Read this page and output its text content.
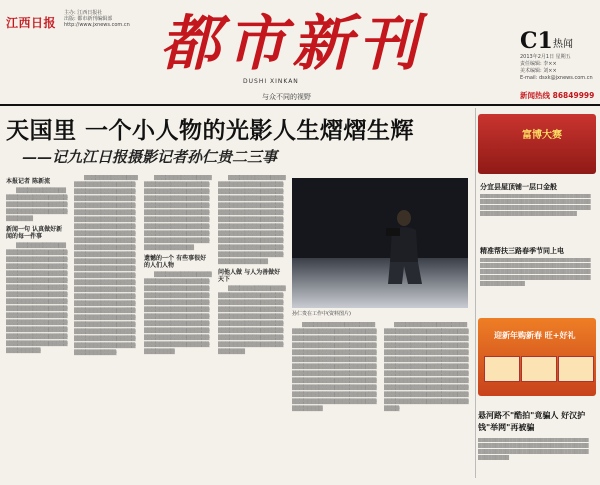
江西日报
主办: 江西日报社
出版: 都市新刊编辑部
http://www.jxnews.com.cn 都市新刊
DUSHI XINKAN
与众不同的视野
C1 热闻
2013年2月1日 星期五
责任编辑: 李××
美术编辑: 刘××
E-mail: dsxk@jxnews.com.cn
新闻热线 86849999
天国里 一个小人物的光影人生熠熠生辉
——记九江日报摄影记者孙仁贵二三事
本报记者 陈新流

▒▒▒▒▒▒▒▒▒▒▒▒▒▒▒▒▒▒▒▒▒▒▒▒▒▒▒▒▒▒▒▒▒▒▒▒▒▒▒▒▒▒▒▒▒▒▒▒▒▒▒▒▒▒▒▒▒▒▒▒▒▒▒▒▒▒▒▒

新闻一句 认真做好新闻的每一件事

▒▒▒▒▒▒▒▒▒▒▒▒▒▒▒▒▒▒▒▒▒▒▒▒▒▒▒▒▒▒▒▒▒▒▒▒▒▒▒▒▒▒▒▒▒▒▒▒▒▒▒▒▒▒▒▒▒▒▒▒▒▒▒▒▒▒▒▒▒▒▒▒▒▒▒▒▒▒▒▒▒▒▒▒▒▒▒▒▒▒▒▒▒▒▒▒▒▒▒▒▒▒▒▒▒▒▒▒▒▒▒▒▒▒▒▒▒▒▒▒▒▒▒▒▒▒▒▒▒▒▒▒▒▒▒▒▒▒▒▒▒▒▒▒▒▒▒▒▒▒▒▒▒▒▒▒▒▒▒▒▒▒▒▒▒▒▒▒▒▒▒▒▒▒▒▒▒▒▒▒▒▒▒▒▒▒▒▒▒▒▒▒▒▒▒▒▒▒▒▒▒▒▒▒▒▒▒▒▒▒▒▒▒▒▒▒▒▒▒▒▒▒▒▒▒▒▒▒▒▒▒▒▒▒▒▒▒▒▒▒▒▒▒▒▒▒

▒▒▒▒▒▒▒▒▒▒▒▒▒▒▒▒▒▒▒▒▒▒▒▒▒▒▒▒▒▒▒▒▒▒▒▒▒▒▒▒▒▒▒▒▒▒▒▒▒▒▒▒▒▒▒▒▒▒▒▒▒▒▒▒▒▒▒▒▒▒▒▒▒▒▒▒▒▒▒▒▒▒▒▒▒▒▒▒▒▒▒▒▒▒▒▒▒▒▒▒▒▒▒▒▒▒▒▒▒▒▒▒▒▒▒▒▒▒▒▒▒▒▒▒▒▒▒▒▒▒▒▒▒▒▒▒▒▒▒▒▒▒▒▒▒▒▒▒▒▒▒▒▒▒▒▒▒▒▒▒▒▒▒▒▒▒▒▒▒▒▒▒▒▒▒▒▒▒▒▒▒▒▒▒▒▒▒▒▒▒▒▒▒▒▒▒▒▒▒▒▒▒▒▒▒▒▒▒▒▒▒▒▒▒▒▒▒▒▒▒▒▒▒▒▒▒▒▒▒▒▒▒▒▒▒▒▒▒▒▒▒▒▒▒▒▒▒▒▒▒▒▒▒▒▒▒▒▒▒▒▒▒▒▒▒▒▒▒▒▒▒▒▒▒▒▒▒▒▒▒▒▒▒▒▒▒▒▒▒▒▒▒▒▒▒▒▒▒▒▒▒▒▒▒▒▒▒▒▒▒▒▒▒▒▒▒▒▒▒▒▒▒▒▒▒▒▒▒▒▒▒▒▒▒▒▒▒▒▒▒▒▒▒▒▒▒▒▒▒▒▒▒▒▒▒▒▒▒▒▒▒▒▒▒▒▒▒▒▒▒▒▒▒▒▒▒▒▒▒▒▒▒▒▒▒▒▒▒▒▒▒▒▒▒▒▒▒▒▒▒▒▒▒▒▒▒▒▒▒

▒▒▒▒▒▒▒▒▒▒▒▒▒▒▒▒▒▒▒▒▒▒▒▒▒▒▒▒▒▒▒▒▒▒▒▒▒▒▒▒▒▒▒▒▒▒▒▒▒▒▒▒▒▒▒▒▒▒▒▒▒▒▒▒▒▒▒▒▒▒▒▒▒▒▒▒▒▒▒▒▒▒▒▒▒▒▒▒▒▒▒▒▒▒▒▒▒▒▒▒▒▒▒▒▒▒▒▒▒▒▒▒▒▒▒▒▒▒▒▒▒▒▒▒▒▒▒▒▒▒▒▒▒▒▒▒▒▒▒▒▒▒▒▒▒▒▒▒▒▒▒▒▒▒▒▒▒▒▒▒▒▒▒▒▒▒▒▒▒▒▒▒▒▒▒▒▒▒▒▒▒

遗憾的一个 有些事很好的人们人物

▒▒▒▒▒▒▒▒▒▒▒▒▒▒▒▒▒▒▒▒▒▒▒▒▒▒▒▒▒▒▒▒▒▒▒▒▒▒▒▒▒▒▒▒▒▒▒▒▒▒▒▒▒▒▒▒▒▒▒▒▒▒▒▒▒▒▒▒▒▒▒▒▒▒▒▒▒▒▒▒▒▒▒▒▒▒▒▒▒▒▒▒▒▒▒▒▒▒▒▒▒▒▒▒▒▒▒▒▒▒▒▒▒▒▒▒▒▒▒▒▒▒▒▒▒▒▒▒▒▒▒▒▒▒▒▒▒▒▒▒▒▒▒▒▒▒▒▒▒▒▒▒▒▒▒▒▒▒▒▒▒▒▒▒▒▒▒▒▒▒▒▒▒▒▒▒▒▒▒▒▒▒▒▒▒▒▒▒▒▒▒▒▒

▒▒▒▒▒▒▒▒▒▒▒▒▒▒▒▒▒▒▒▒▒▒▒▒▒▒▒▒▒▒▒▒▒▒▒▒▒▒▒▒▒▒▒▒▒▒▒▒▒▒▒▒▒▒▒▒▒▒▒▒▒▒▒▒▒▒▒▒▒▒▒▒▒▒▒▒▒▒▒▒▒▒▒▒▒▒▒▒▒▒▒▒▒▒▒▒▒▒▒▒▒▒▒▒▒▒▒▒▒▒▒▒▒▒▒▒▒▒▒▒▒▒▒▒▒▒▒▒▒▒▒▒▒▒▒▒▒▒▒▒▒▒▒▒▒▒▒▒▒▒▒▒▒▒▒▒▒▒▒▒▒▒▒▒▒▒▒▒▒▒▒▒▒▒▒▒▒▒▒▒▒▒▒▒▒▒▒▒▒▒▒▒▒▒▒▒▒▒▒▒▒▒▒▒▒▒▒▒▒▒▒▒▒▒▒

问他人做 与人为善做好天下

▒▒▒▒▒▒▒▒▒▒▒▒▒▒▒▒▒▒▒▒▒▒▒▒▒▒▒▒▒▒▒▒▒▒▒▒▒▒▒▒▒▒▒▒▒▒▒▒▒▒▒▒▒▒▒▒▒▒▒▒▒▒▒▒▒▒▒▒▒▒▒▒▒▒▒▒▒▒▒▒▒▒▒▒▒▒▒▒▒▒▒▒▒▒▒▒▒▒▒▒▒▒▒▒▒▒▒▒▒▒▒▒▒▒▒▒▒▒▒▒▒▒▒▒▒▒▒▒▒▒▒▒▒▒▒▒▒▒▒▒▒▒▒▒▒▒▒▒▒▒▒▒▒▒▒▒▒▒

孙仁贵在工作中(资料图片)

▒▒▒▒▒▒▒▒▒▒▒▒▒▒▒▒▒▒▒▒▒▒▒▒▒▒▒▒▒▒▒▒▒▒▒▒▒▒▒▒▒▒▒▒▒▒▒▒▒▒▒▒▒▒▒▒▒▒▒▒▒▒▒▒▒▒▒▒▒▒▒▒▒▒▒▒▒▒▒▒▒▒▒▒▒▒▒▒▒▒▒▒▒▒▒▒▒▒▒▒▒▒▒▒▒▒▒▒▒▒▒▒▒▒▒▒▒▒▒▒▒▒▒▒▒▒▒▒▒▒▒▒▒▒▒▒▒▒▒▒▒▒▒▒▒▒▒▒▒▒▒▒▒▒▒▒▒▒▒▒▒▒▒▒▒▒▒▒▒▒▒▒▒▒▒▒▒▒▒▒▒▒▒▒▒▒▒▒▒▒▒▒▒▒▒▒▒▒▒▒▒▒▒▒▒▒▒▒▒▒▒▒▒▒▒▒▒▒▒▒▒▒▒▒▒▒▒▒▒▒▒▒▒▒▒▒▒▒▒▒▒▒▒▒▒▒▒▒▒▒▒▒▒▒▒▒▒▒▒▒▒▒▒▒▒▒▒▒▒

▒▒▒▒▒▒▒▒▒▒▒▒▒▒▒▒▒▒▒▒▒▒▒▒▒▒▒▒▒▒▒▒▒▒▒▒▒▒▒▒▒▒▒▒▒▒▒▒▒▒▒▒▒▒▒▒▒▒▒▒▒▒▒▒▒▒▒▒▒▒▒▒▒▒▒▒▒▒▒▒▒▒▒▒▒▒▒▒▒▒▒▒▒▒▒▒▒▒▒▒▒▒▒▒▒▒▒▒▒▒▒▒▒▒▒▒▒▒▒▒▒▒▒▒▒▒▒▒▒▒▒▒▒▒▒▒▒▒▒▒▒▒▒▒▒▒▒▒▒▒▒▒▒▒▒▒▒▒▒▒▒▒▒▒▒▒▒▒▒▒▒▒▒▒▒▒▒▒▒▒▒▒▒▒▒▒▒▒▒▒▒▒▒▒▒▒▒▒▒▒▒▒▒▒▒▒▒▒▒▒▒▒▒▒▒▒▒▒▒▒▒▒▒▒▒▒▒▒▒▒▒▒▒▒▒▒▒▒▒▒▒▒▒▒▒▒▒▒▒▒▒▒▒▒▒▒▒▒▒▒▒▒▒▒▒

富博大赛
分宜县屋顶铺一层口金般
▒▒▒▒▒▒▒▒▒▒▒▒▒▒▒▒▒▒▒▒▒▒▒▒▒▒▒▒▒▒▒▒▒▒▒▒▒▒▒▒▒▒▒▒▒▒▒▒▒▒▒▒▒▒▒▒▒▒▒▒▒▒▒▒▒▒▒▒▒▒▒▒▒▒▒▒▒▒▒▒▒▒▒▒▒▒▒▒▒▒▒▒▒▒▒▒▒▒▒▒▒▒▒▒▒▒▒▒▒▒▒▒▒▒▒▒▒▒▒▒▒▒▒▒
精准帮扶三路春季节同上电
▒▒▒▒▒▒▒▒▒▒▒▒▒▒▒▒▒▒▒▒▒▒▒▒▒▒▒▒▒▒▒▒▒▒▒▒▒▒▒▒▒▒▒▒▒▒▒▒▒▒▒▒▒▒▒▒▒▒▒▒▒▒▒▒▒▒▒▒▒▒▒▒▒▒▒▒▒▒▒▒▒▒▒▒▒▒▒▒▒▒▒▒▒▒▒▒▒▒▒▒▒▒▒▒▒▒▒▒▒▒▒▒▒▒▒▒▒▒▒▒▒▒▒▒▒▒▒▒▒▒▒▒▒▒▒▒▒▒▒▒▒
迎新年购新春 旺+好礼
悬河路不"酷拍"竟骗人 好汉护钱"举网"再被骗
▒▒▒▒▒▒▒▒▒▒▒▒▒▒▒▒▒▒▒▒▒▒▒▒▒▒▒▒▒▒▒▒▒▒▒▒▒▒▒▒▒▒▒▒▒▒▒▒▒▒▒▒▒▒▒▒▒▒▒▒▒▒▒▒▒▒▒▒▒▒▒▒▒▒▒▒▒▒▒▒▒▒▒▒▒▒▒▒▒▒▒▒▒▒▒▒▒▒▒▒▒▒▒▒▒
